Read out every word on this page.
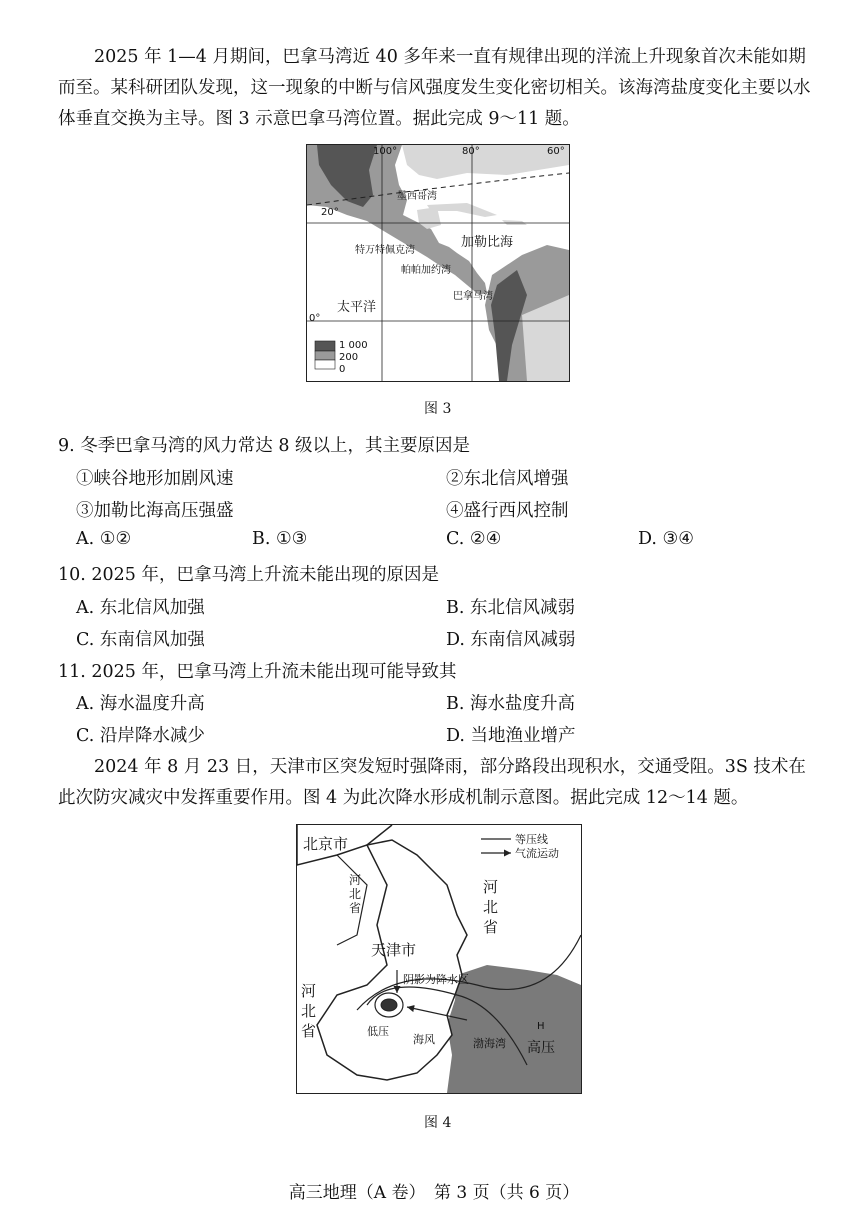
2025 年 1—4 月期间，巴拿马湾近 40 多年来一直有规律出现的洋流上升现象首次未能如期而至。某科研团队发现，这一现象的中断与信风强度发生变化密切相关。该海湾盐度变化主要以水体垂直交换为主导。图 3 示意巴拿马湾位置。据此完成 9～11 题。
100°	80°	60°
20°
0°
墨西哥湾
加勒比海
特万特佩克湾
帕帕加约湾
巴拿马湾
太平洋
1 000
200
0
图 3
9. 冬季巴拿马湾的风力常达 8 级以上，其主要原因是
①峡谷地形加剧风速	②东北信风增强
③加勒比海高压强盛	④盛行西风控制
A. ①②	B. ①③	C. ②④	D. ③④
10. 2025 年，巴拿马湾上升流未能出现的原因是
A. 东北信风加强	B. 东北信风减弱
C. 东南信风加强	D. 东南信风减弱
11. 2025 年，巴拿马湾上升流未能出现可能导致其
A. 海水温度升高	B. 海水盐度升高
C. 沿岸降水减少	D. 当地渔业增产
2024 年 8 月 23 日，天津市区突发短时强降雨，部分路段出现积水，交通受阻。3S 技术在此次防灾减灾中发挥重要作用。图 4 为此次降水形成机制示意图。据此完成 12～14 题。
北京市
河北省
河北省
天津市
河北省
阴影为降水区
低压
海风	渤海湾
H
高压
等压线
气流运动
图 4
高三地理（A 卷）　第 3 页（共 6 页）
